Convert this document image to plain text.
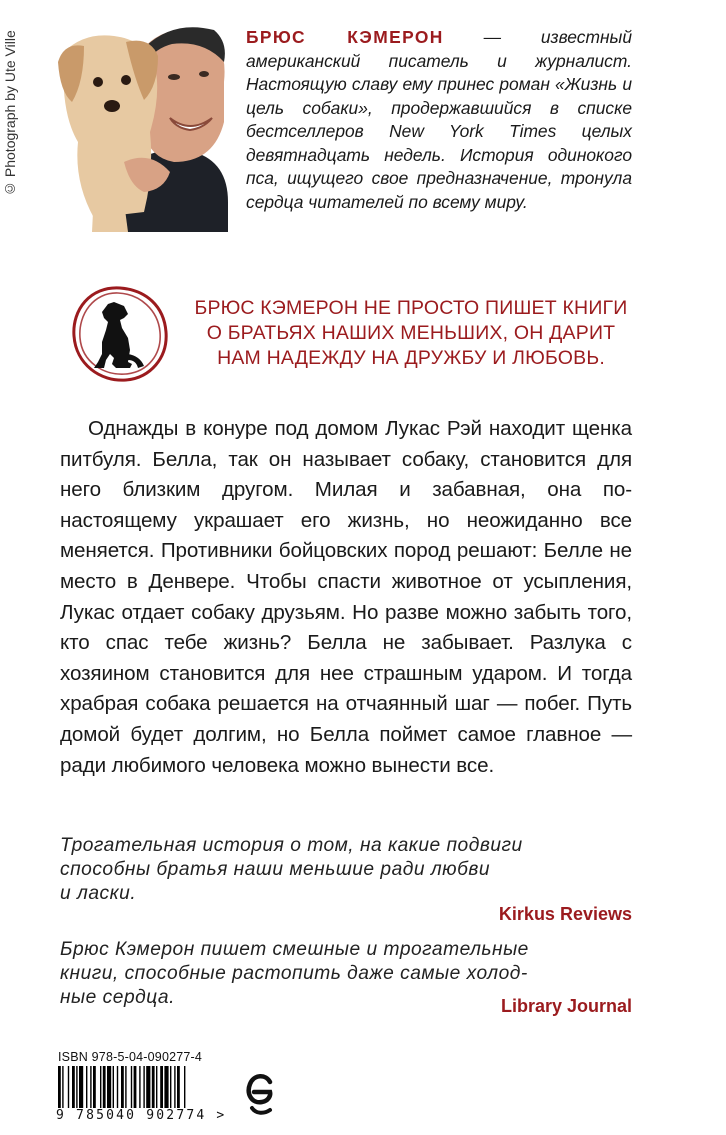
© Photograph by Ute Ville	БРЮС КЭМЕРОН — известный американский писатель и журналист. Настоящую славу ему принес роман «Жизнь и цель собаки», продержавшийся в списке бестселлеров New York Times целых девятнадцать недель. История одинокого пса, ищущего свое предназначение, тронула сердца читателей по всему миру.

БРЮС КЭМЕРОН НЕ ПРОСТО ПИШЕТ КНИГИ
О БРАТЬЯХ НАШИХ МЕНЬШИХ, ОН ДАРИТ
НАМ НАДЕЖДУ НА ДРУЖБУ И ЛЮБОВЬ.

Однажды в конуре под домом Лукас Рэй находит щенка питбуля. Белла, так он называет собаку, становится для него близким другом. Милая и забавная, она по-настоящему украшает его жизнь, но неожиданно все меняется. Противники бойцовских пород решают: Белле не место в Денвере. Чтобы спасти животное от усыпления, Лукас отдает собаку друзьям. Но разве можно забыть того, кто спас тебе жизнь? Белла не забывает. Разлука с хозяином становится для нее страшным ударом. И тогда храбрая собака решается на отчаянный шаг — побег. Путь домой будет долгим, но Белла поймет самое главное — ради любимого человека можно вынести все.

Трогательная история о том, на какие подвиги
способны братья наши меньшие ради любви
и ласки.
Kirkus Reviews
Брюс Кэмерон пишет смешные и трогательные
книги, способные растопить даже самые холод-
ные сердца.	Library Journal
ISBN 978-5-04-090277-4
9 785040 902774 >
